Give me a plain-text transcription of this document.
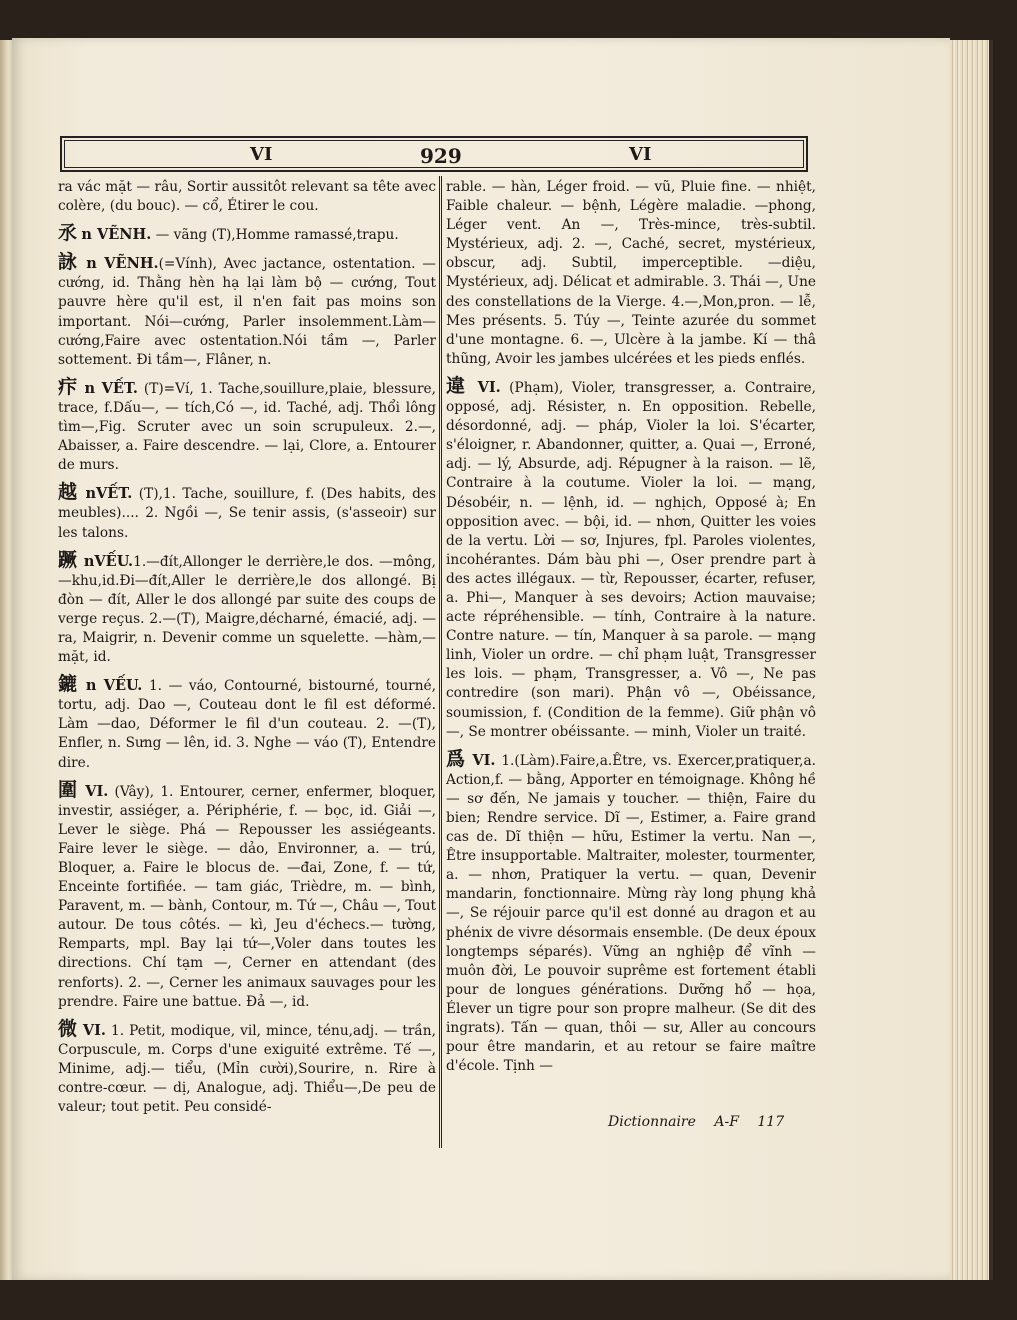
VI	929	VI

ra vác mặt — râu, Sortir aussitôt relevant sa tête avec colère, (du bouc). — cổ, Étirer le cou.

氶 n VẼNH. — vãng (T),Homme ramassé,trapu.

詠 n VẼNH.(=Vính), Avec jactance, ostentation. — cướng, id. Thằng hèn hạ lại làm bộ — cướng, Tout pauvre hère qu'il est, il n'en fait pas moins son important. Nói—cướng, Parler insolemment.Làm—cướng,Faire avec ostentation.Nói tầm —, Parler sottement. Đi tầm—, Flâner, n.

疜 n VẾT. (T)=Ví, 1. Tache,souillure,plaie, blessure, trace, f.Dấu—, — tích,Có —, id. Taché, adj. Thổi lông tìm—,Fig. Scruter avec un soin scrupuleux. 2.—, Abaisser, a. Faire descendre. — lại, Clore, a. Entourer de murs.

越 nVẾT. (T),1. Tache, souillure, f. (Des habits, des meubles).... 2. Ngồi —, Se tenir assis, (s'asseoir) sur les talons.

蹶 nVẾU.1.—đít,Allonger le derrière,le dos. —mông,—khu,id.Đi—đít,Aller le derrière,le dos allongé. Bị đòn — đít, Aller le dos allongé par suite des coups de verge reçus. 2.—(T), Maigre,décharné, émacié, adj. — ra, Maigrir, n. Devenir comme un squelette. —hàm,— mặt, id.

鏕 n VẾU. 1. — váo, Contourné, bistourné, tourné, tortu, adj. Dao —, Couteau dont le fil est déformé. Làm —dao, Déformer le fil d'un couteau. 2. —(T), Enfler, n. Sưng — lên, id. 3. Nghe — váo (T), Entendre dire.

圍 VI. (Vây), 1. Entourer, cerner, enfermer, bloquer, investir, assiéger, a. Périphérie, f. — bọc, id. Giải —, Lever le siège. Phá — Repousser les assiégeants. Faire lever le siège. — dảo, Environner, a. — trú, Bloquer, a. Faire le blocus de. —đai, Zone, f. — tứ, Enceinte fortifiée. — tam giác, Trièdre, m. — bình, Paravent, m. — bành, Contour, m. Tứ —, Châu —, Tout autour. De tous côtés. — kì, Jeu d'échecs.— tường, Remparts, mpl. Bay lại tứ—,Voler dans toutes les directions. Chí tạm —, Cerner en attendant (des renforts). 2. —, Cerner les animaux sauvages pour les prendre. Faire une battue. Đả —, id.

微 VI. 1. Petit, modique, vil, mince, ténu,adj. — trần, Corpuscule, m. Corps d'une exiguité extrême. Tế —, Minime, adj.— tiểu, (Mỉn cười),Sourire, n. Rire à contre-cœur. — dị, Analogue, adj. Thiểu—,De peu de valeur; tout petit. Peu considé-

rable. — hàn, Léger froid. — vũ, Pluie fine. — nhiệt, Faible chaleur. — bệnh, Légère maladie. —phong, Léger vent. An —, Très-mince, très-subtil. Mystérieux, adj. 2. —, Caché, secret, mystérieux, obscur, adj. Subtil, imperceptible. —diệu, Mystérieux, adj. Délicat et admirable. 3. Thái —, Une des constellations de la Vierge. 4.—,Mon,pron. — lễ, Mes présents. 5. Túy —, Teinte azurée du sommet d'une montagne. 6. —, Ulcère à la jambe. Kí — thâ thũng, Avoir les jambes ulcérées et les pieds enflés.

違 VI. (Phạm), Violer, transgresser, a. Contraire, opposé, adj. Résister, n. En opposition. Rebelle, désordonné, adj. — pháp, Violer la loi. S'écarter, s'éloigner, r. Abandonner, quitter, a. Quai —, Erroné, adj. — lý, Absurde, adj. Répugner à la raison. — lẽ, Contraire à la coutume. Violer la loi. — mạng, Désobéir, n. — lệnh, id. — nghịch, Opposé à; En opposition avec. — bội, id. — nhơn, Quitter les voies de la vertu. Lời — sơ, Injures, fpl. Paroles violentes, incohérantes. Dám bàu phi —, Oser prendre part à des actes illégaux. — từ, Repousser, écarter, refuser, a. Phi—, Manquer à ses devoirs; Action mauvaise; acte répréhensible. — tính, Contraire à la nature. Contre nature. — tín, Manquer à sa parole. — mạng linh, Violer un ordre. — chỉ phạm luật, Transgresser les lois. — phạm, Transgresser, a. Vô —, Ne pas contredire (son mari). Phận vô —, Obéissance, soumission, f. (Condition de la femme). Giữ phận vô —, Se montrer obéissante. — minh, Violer un traité.

爲 VI. 1.(Làm).Faire,a.Être, vs. Exercer,pratiquer,a. Action,f. — bằng, Apporter en témoignage. Không hề — sơ đến, Ne jamais y toucher. — thiện, Faire du bien; Rendre service. Dĩ —, Estimer, a. Faire grand cas de. Dĩ thiện — hữu, Estimer la vertu. Nan —, Être insupportable. Maltraiter, molester, tourmenter, a. — nhơn, Pratiquer la vertu. — quan, Devenir mandarin, fonctionnaire. Mừng rày long phụng khả —, Se réjouir parce qu'il est donné au dragon et au phénix de vivre désormais ensemble. (De deux époux longtemps séparés). Vững an nghiệp để vĩnh — muôn đời, Le pouvoir suprême est fortement établi pour de longues générations. Dưỡng hổ — họa, Élever un tigre pour son propre malheur. (Se dit des ingrats). Tấn — quan, thôi — sư, Aller au concours pour être mandarin, et au retour se faire maître d'école. Tịnh —

Dictionnaire A-F 117
